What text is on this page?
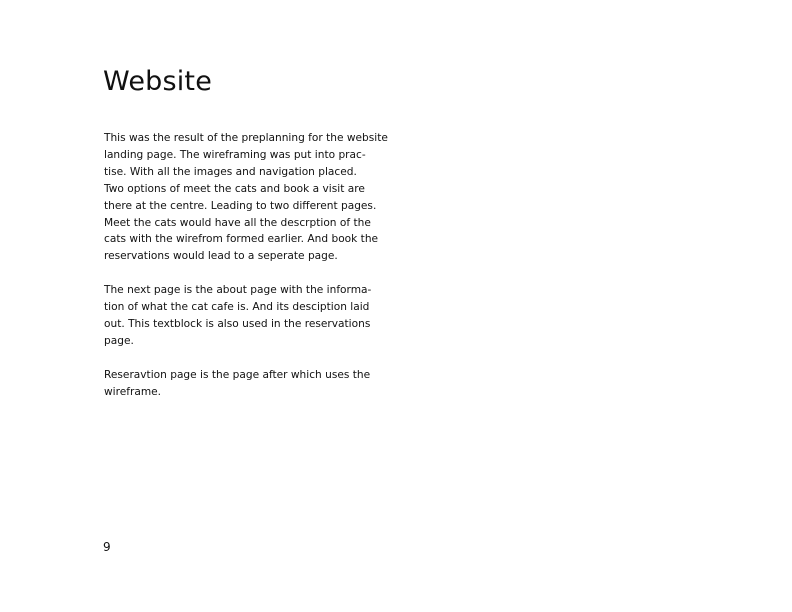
Website

This was the result of the preplanning for the website
landing page. The wireframing was put into prac-
tise. With all the images and navigation placed.
Two options of meet the cats and book a visit are
there at the centre. Leading to two different pages.
Meet the cats would have all the descrption of the
cats with the wirefrom formed earlier. And book the
reservations would lead to a seperate page.

The next page is the about page with the informa-
tion of what the cat cafe is. And its desciption laid
out. This textblock is also used in the reservations
page.

Reseravtion page is the page after which uses the
wireframe.

9
